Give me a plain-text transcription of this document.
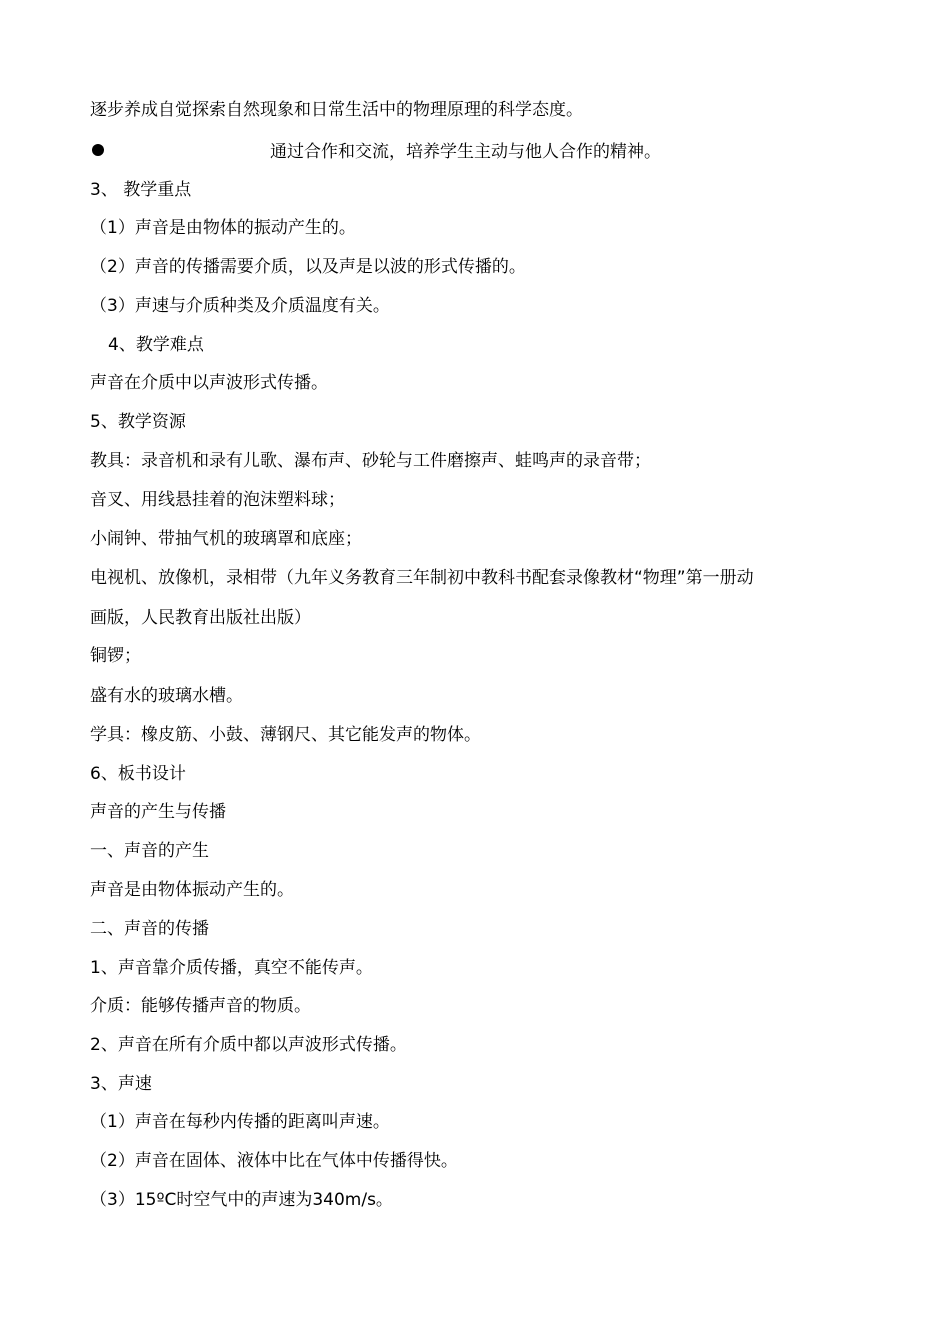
逐步养成自觉探索自然现象和日常生活中的物理原理的科学态度。
通过合作和交流，培养学生主动与他人合作的精神。
3、 教学重点
（1）声音是由物体的振动产生的。
（2）声音的传播需要介质，以及声是以波的形式传播的。
（3）声速与介质种类及介质温度有关。
4、教学难点
声音在介质中以声波形式传播。
5、教学资源
教具：录音机和录有儿歌、瀑布声、砂轮与工件磨擦声、蛙鸣声的录音带；
音叉、用线悬挂着的泡沫塑料球；
小闹钟、带抽气机的玻璃罩和底座；
电视机、放像机，录相带（九年义务教育三年制初中教科书配套录像教材“物理”第一册动
画版，人民教育出版社出版）
铜锣；
盛有水的玻璃水槽。
学具：橡皮筋、小鼓、薄钢尺、其它能发声的物体。
6、板书设计
声音的产生与传播
一、声音的产生
声音是由物体振动产生的。
二、声音的传播
1、声音靠介质传播，真空不能传声。
介质：能够传播声音的物质。
2、声音在所有介质中都以声波形式传播。
3、声速
（1）声音在每秒内传播的距离叫声速。
（2）声音在固体、液体中比在气体中传播得快。
（3）15ºC时空气中的声速为340m/s。
